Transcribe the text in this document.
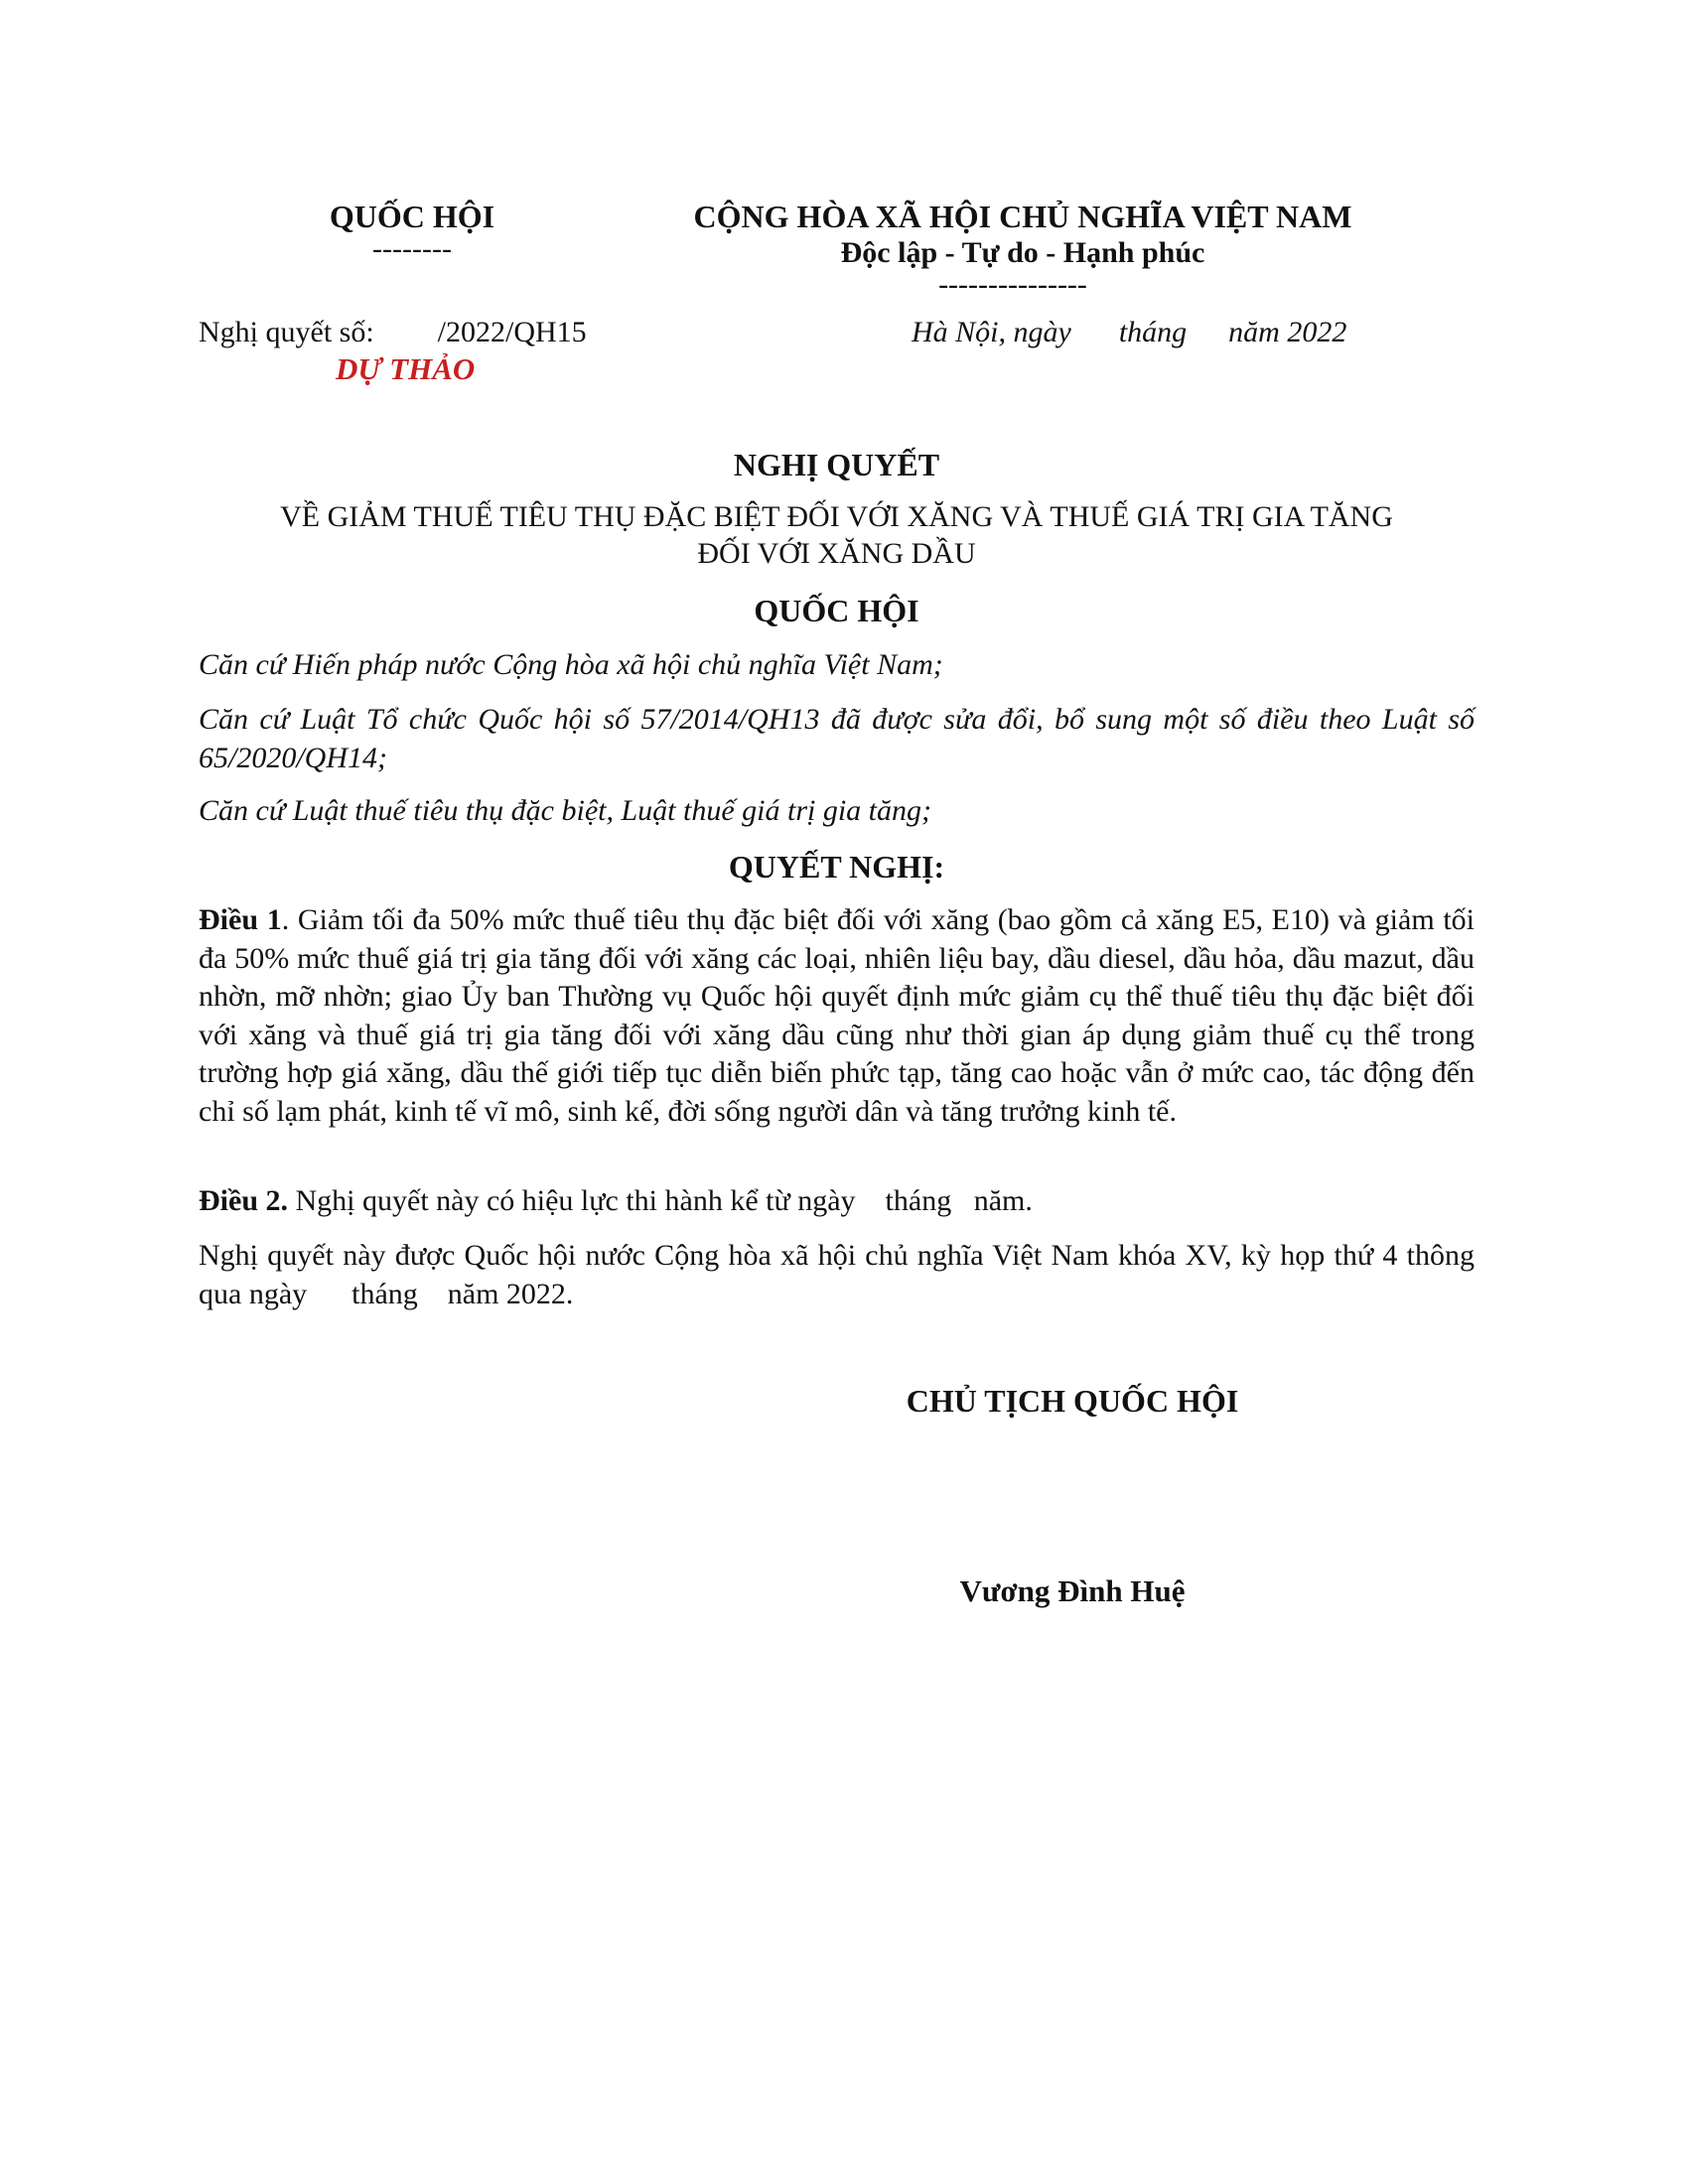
QUỐC HỘI
--------
CỘNG HÒA XÃ HỘI CHỦ NGHĨA VIỆT NAM
Độc lập - Tự do - Hạnh phúc
---------------
Nghị quyết số: /2022/QH15
DỰ THẢO
Hà Nội, ngày tháng năm 2022
NGHỊ QUYẾT
VỀ GIẢM THUẾ TIÊU THỤ ĐẶC BIỆT ĐỐI VỚI XĂNG VÀ THUẾ GIÁ TRỊ GIA TĂNG
ĐỐI VỚI XĂNG DẦU
QUỐC HỘI
Căn cứ Hiến pháp nước Cộng hòa xã hội chủ nghĩa Việt Nam;
Căn cứ Luật Tổ chức Quốc hội số 57/2014/QH13 đã được sửa đổi, bổ sung một số điều theo Luật số 65/2020/QH14;
Căn cứ Luật thuế tiêu thụ đặc biệt, Luật thuế giá trị gia tăng;
QUYẾT NGHỊ:
Điều 1. Giảm tối đa 50% mức thuế tiêu thụ đặc biệt đối với xăng (bao gồm cả xăng E5, E10) và giảm tối đa 50% mức thuế giá trị gia tăng đối với xăng các loại, nhiên liệu bay, dầu diesel, dầu hỏa, dầu mazut, dầu nhờn, mỡ nhờn; giao Ủy ban Thường vụ Quốc hội quyết định mức giảm cụ thể thuế tiêu thụ đặc biệt đối với xăng và thuế giá trị gia tăng đối với xăng dầu cũng như thời gian áp dụng giảm thuế cụ thể trong trường hợp giá xăng, dầu thế giới tiếp tục diễn biến phức tạp, tăng cao hoặc vẫn ở mức cao, tác động đến chỉ số lạm phát, kinh tế vĩ mô, sinh kế, đời sống người dân và tăng trưởng kinh tế.
Điều 2. Nghị quyết này có hiệu lực thi hành kể từ ngày    tháng   năm.
Nghị quyết này được Quốc hội nước Cộng hòa xã hội chủ nghĩa Việt Nam khóa XV, kỳ họp thứ 4 thông qua ngày      tháng    năm 2022.
CHỦ TỊCH QUỐC HỘI
Vương Đình Huệ
